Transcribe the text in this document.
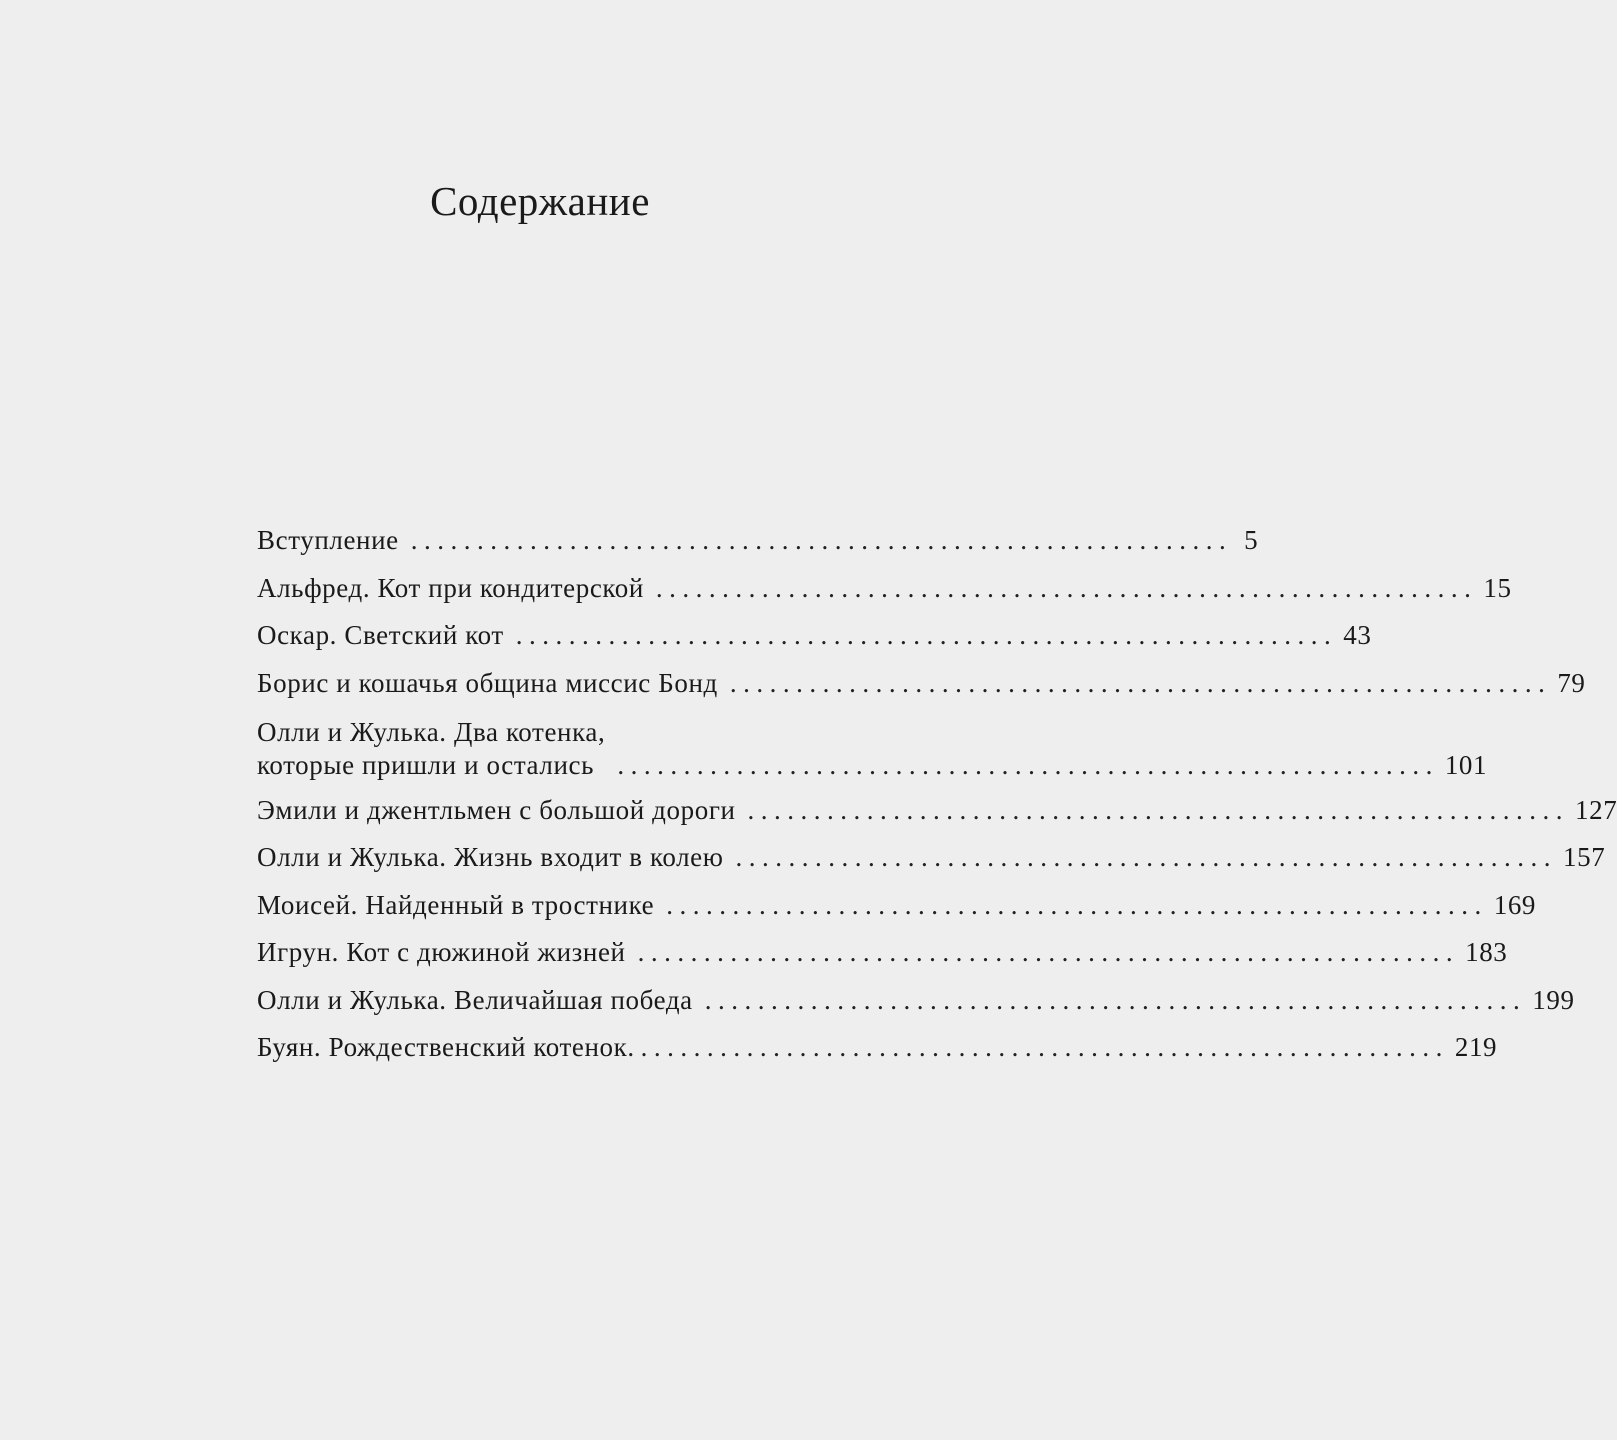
Содержание
Вступление .............................................................. 5
Альфред. Кот при кондитерской .............................................................. 15
Оскар. Светский кот .............................................................. 43
Борис и кошачья община миссис Бонд .............................................................. 79
Олли и Жулька. Два котенка,
которые пришли и остались .............................................................. 101
Эмили и джентльмен с большой дороги .............................................................. 127
Олли и Жулька. Жизнь входит в колею .............................................................. 157
Моисей. Найденный в тростнике .............................................................. 169
Игрун. Кот с дюжиной жизней .............................................................. 183
Олли и Жулька. Величайшая победа .............................................................. 199
Буян. Рождественский котенок .............................................................. 219
